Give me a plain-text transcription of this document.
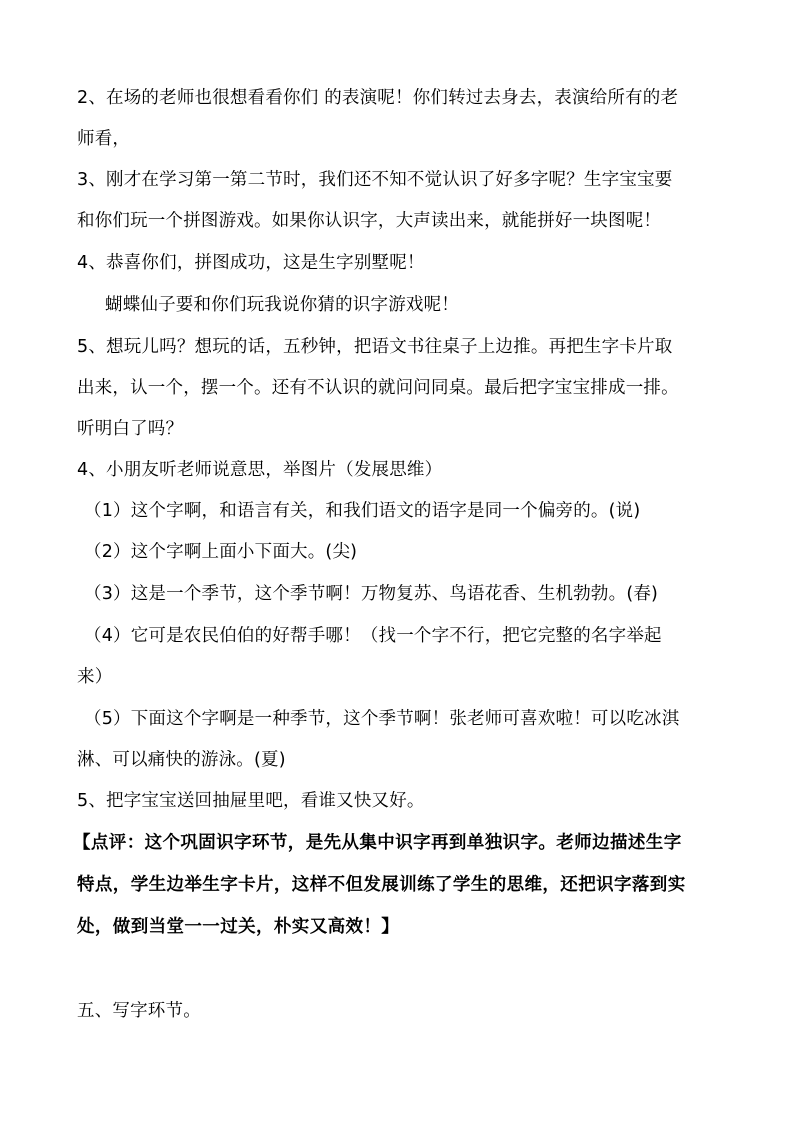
2、在场的老师也很想看看你们 的表演呢！你们转过去身去，表演给所有的老
师看，
3、刚才在学习第一第二节时，我们还不知不觉认识了好多字呢？生字宝宝要
和你们玩一个拼图游戏。如果你认识字，大声读出来，就能拼好一块图呢！
4、恭喜你们，拼图成功，这是生字别墅呢！
蝴蝶仙子要和你们玩我说你猜的识字游戏呢！
5、想玩儿吗？想玩的话，五秒钟，把语文书往桌子上边推。再把生字卡片取
出来，认一个，摆一个。还有不认识的就问问同桌。最后把字宝宝排成一排。
听明白了吗？
4、小朋友听老师说意思，举图片（发展思维）
（1）这个字啊，和语言有关，和我们语文的语字是同一个偏旁的。(说)
（2）这个字啊上面小下面大。(尖)
（3）这是一个季节，这个季节啊！万物复苏、鸟语花香、生机勃勃。(春)
（4）它可是农民伯伯的好帮手哪！（找一个字不行，把它完整的名字举起
来）
（5）下面这个字啊是一种季节，这个季节啊！张老师可喜欢啦！可以吃冰淇
淋、可以痛快的游泳。(夏)
5、把字宝宝送回抽屉里吧，看谁又快又好。
【点评：这个巩固识字环节，是先从集中识字再到单独识字。老师边描述生字
特点，学生边举生字卡片，这样不但发展训练了学生的思维，还把识字落到实
处，做到当堂一一过关，朴实又高效！】
五、写字环节。
